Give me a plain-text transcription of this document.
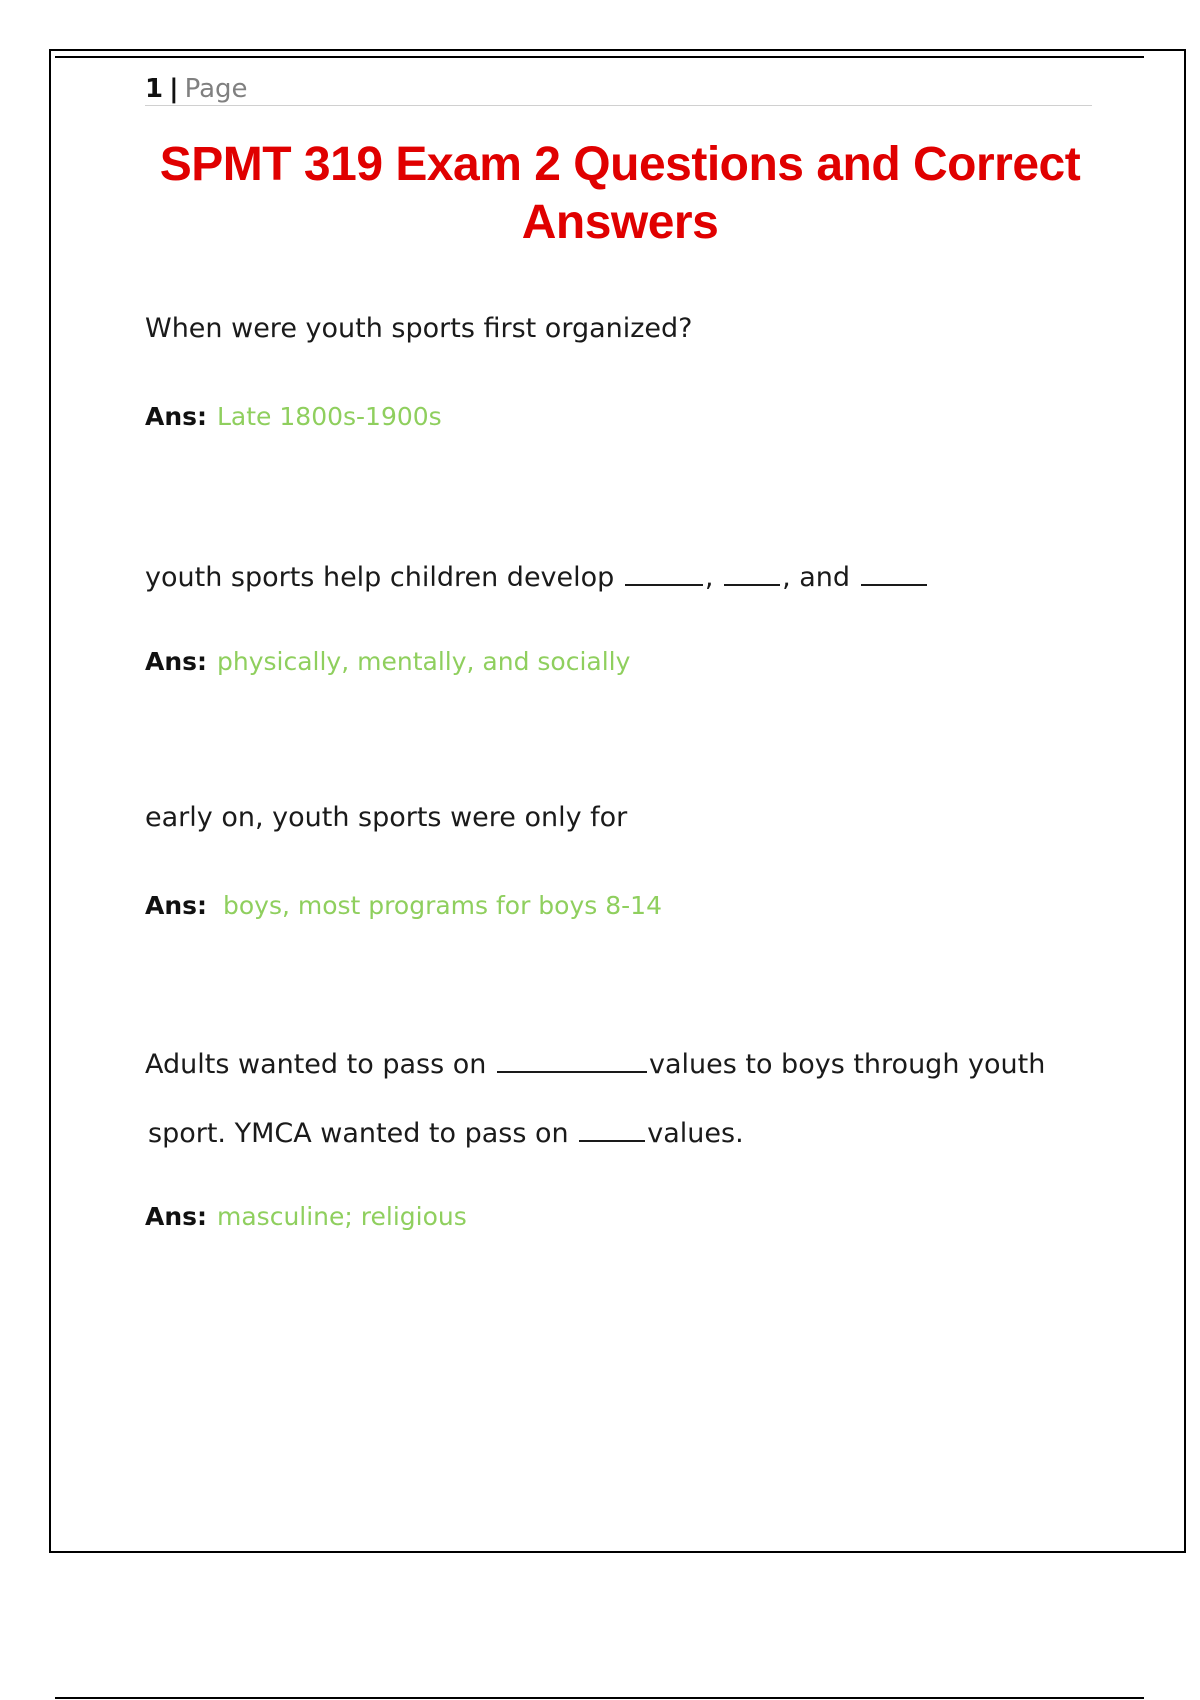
1 | Page
SPMT 319 Exam 2 Questions and Correct Answers
When were youth sports first organized?
Ans: Late 1800s-1900s
youth sports help children develop	,	, and
Ans: physically, mentally, and socially
early on, youth sports were only for
Ans: boys, most programs for boys 8-14
Adults wanted to pass on	values to boys through youth
sport. YMCA wanted to pass on	values.
Ans: masculine; religious
